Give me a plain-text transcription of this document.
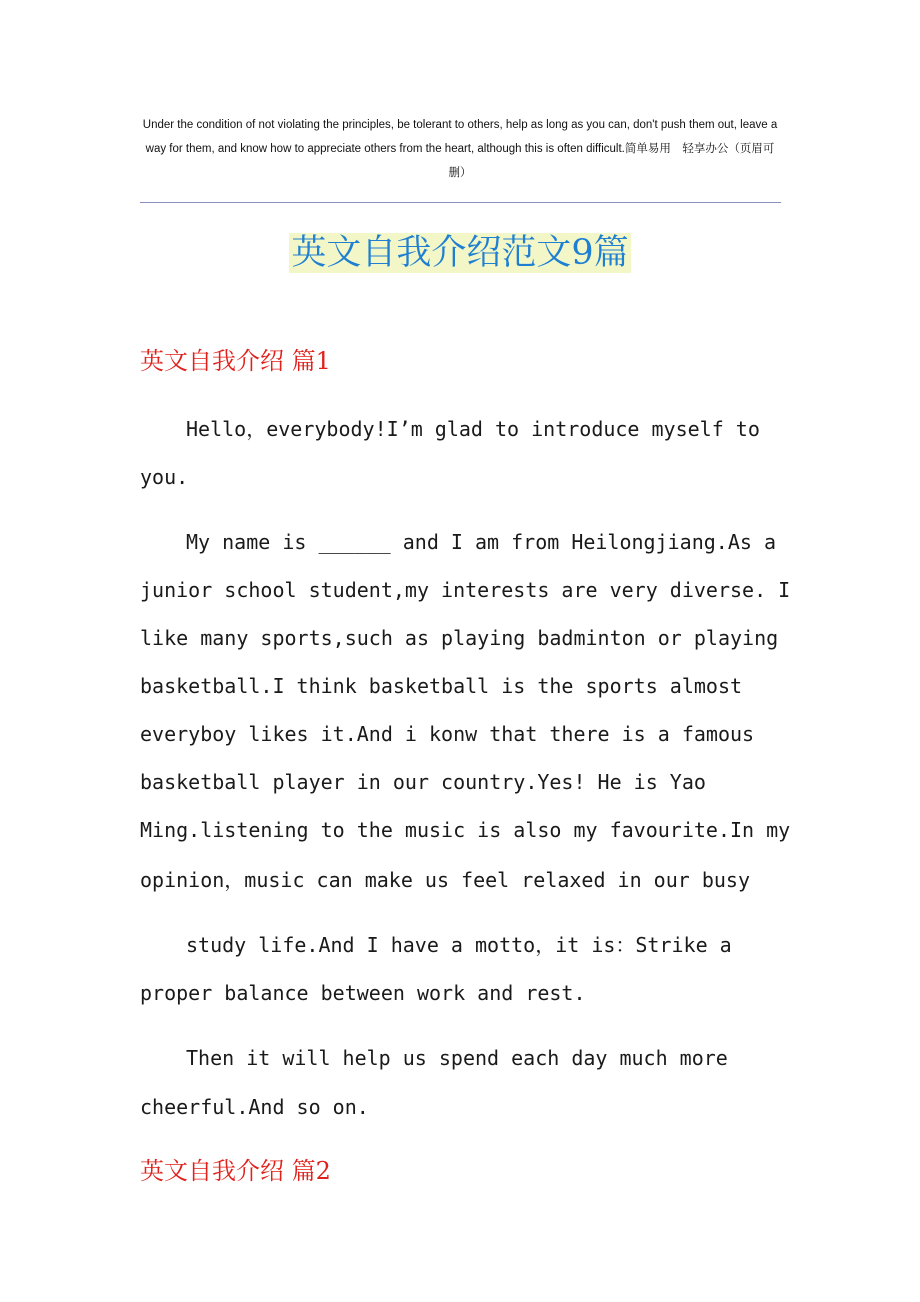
Under the condition of not violating the principles, be tolerant to others, help as long as you can, don't push them out, leave a way for them, and know how to appreciate others from the heart, although this is often difficult.简单易用　轻享办公（页眉可删）
英文自我介绍范文9篇
英文自我介绍 篇1
Hello，everybody!I’m glad to introduce myself to
you.
My name is ______ and I am from Heilongjiang.As a
junior school student,my interests are very diverse. I
like many sports,such as playing badminton or playing
basketball.I think basketball is the sports almost
everyboy likes it.And i konw that there is a famous
basketball player in our country.Yes! He is Yao
Ming.listening to the music is also my favourite.In my
opinion，music can make us feel relaxed in our busy
study life.And I have a motto，it is：Strike a
proper balance between work and rest.
Then it will help us spend each day much more
cheerful.And so on.
英文自我介绍 篇2
